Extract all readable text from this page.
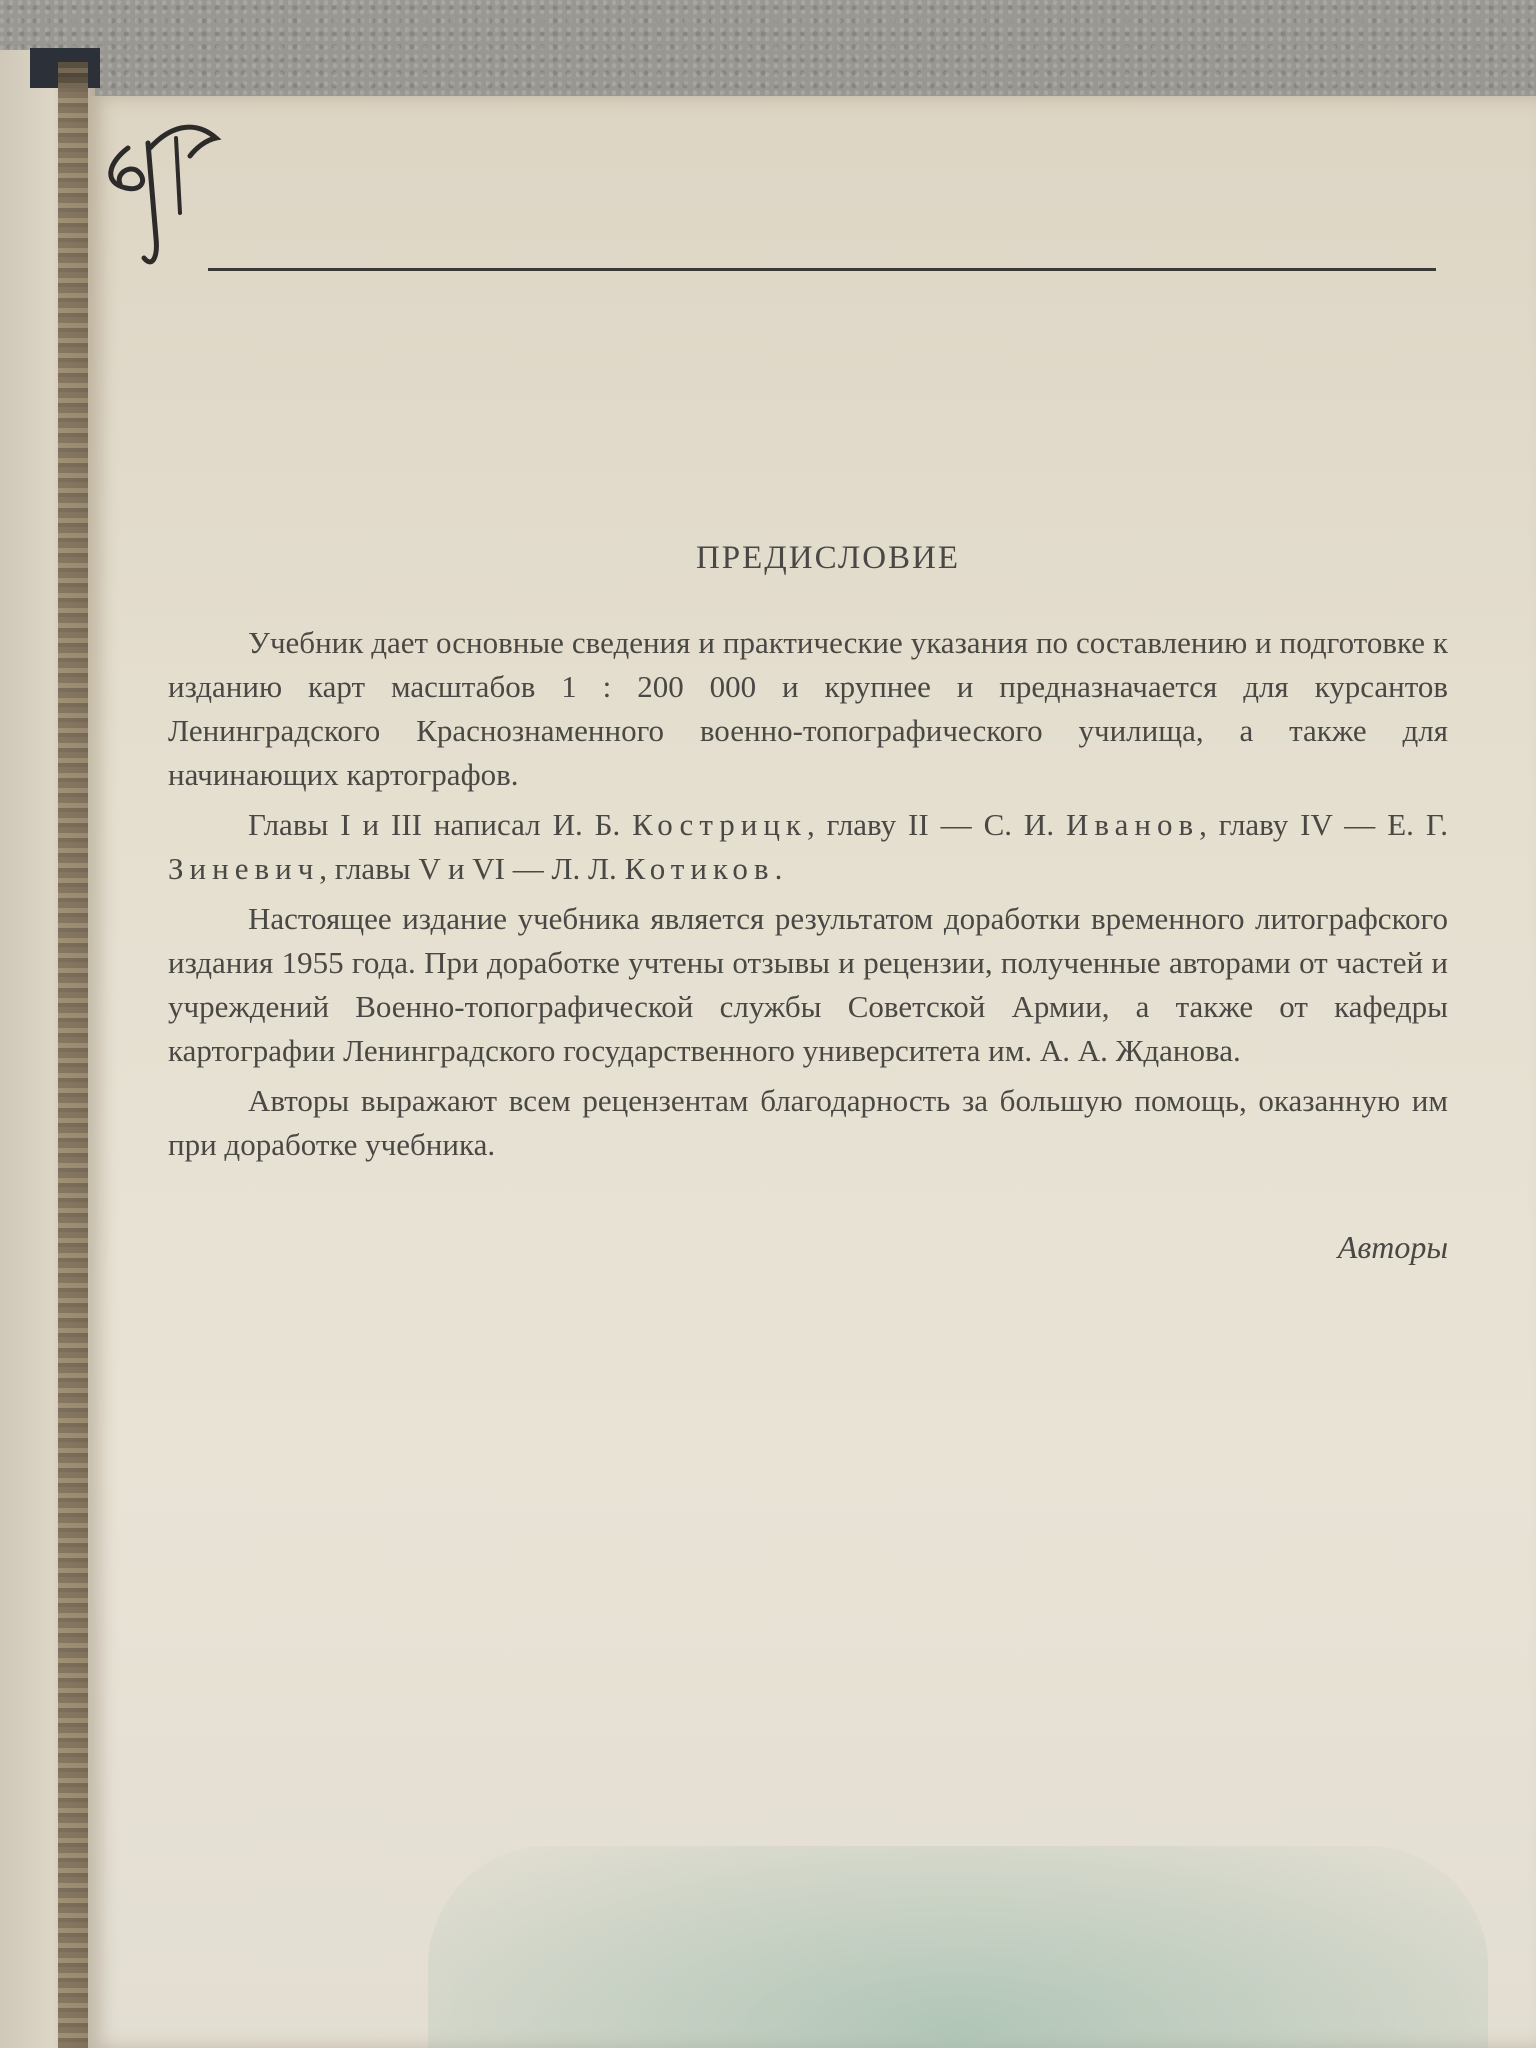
ПРЕДИСЛОВИЕ

Учебник дает основные сведения и практические указания по составлению и подготовке к изданию карт масштабов 1 : 200 000 и крупнее и предназначается для курсантов Ленинградского Краснознаменного военно-топографического училища, а также для начинающих картографов.

Главы I и III написал И. Б. Кострицк, главу II — С. И. Иванов, главу IV — Е. Г. Зиневич, главы V и VI — Л. Л. Котиков.

Настоящее издание учебника является результатом доработки временного литографского издания 1955 года. При доработке учтены отзывы и рецензии, полученные авторами от частей и учреждений Военно-топографической службы Советской Армии, а также от кафедры картографии Ленинградского государственного университета им. А. А. Жданова.

Авторы выражают всем рецензентам благодарность за большую помощь, оказанную им при доработке учебника.

Авторы
